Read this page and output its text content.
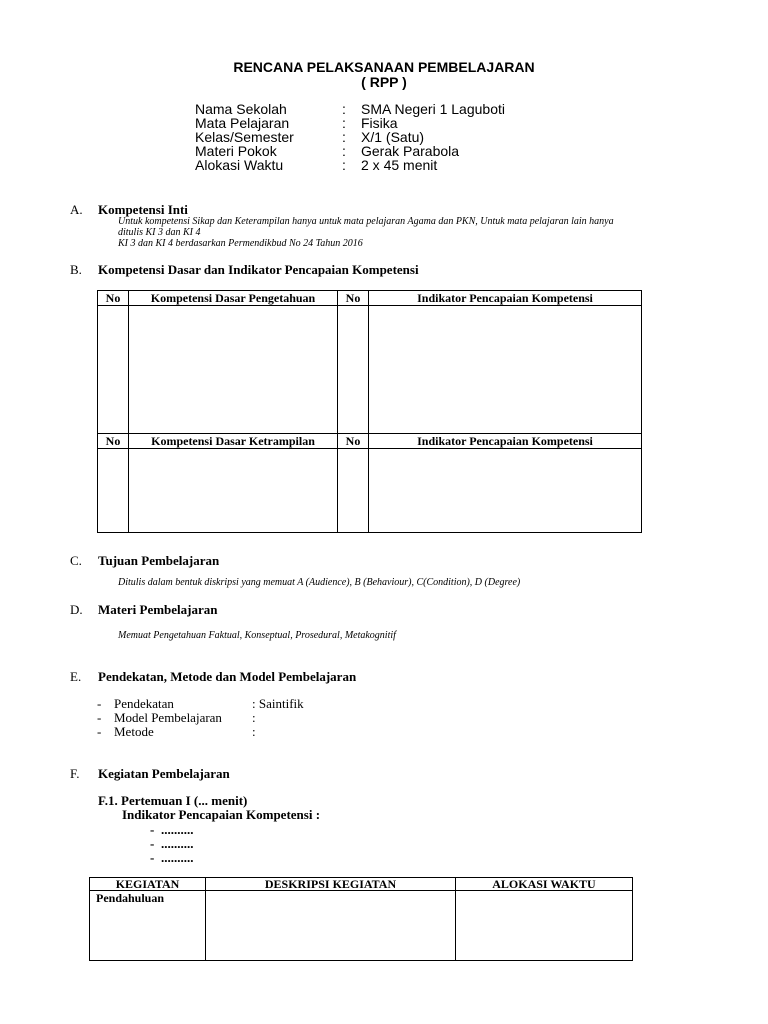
RENCANA PELAKSANAAN PEMBELAJARAN
( RPP )
Nama Sekolah	: SMA Negeri 1 Laguboti
Mata Pelajaran	: Fisika
Kelas/Semester	: X/1 (Satu)
Materi Pokok	: Gerak Parabola
Alokasi Waktu	: 2 x 45 menit
A. Kompetensi Inti
Untuk kompetensi Sikap dan Keterampilan hanya untuk mata pelajaran Agama dan PKN, Untuk mata pelajaran lain hanya
ditulis KI 3 dan KI 4
KI 3 dan KI 4 berdasarkan Permendikbud No 24 Tahun 2016
B. Kompetensi Dasar dan Indikator Pencapaian Kompetensi
No	Kompetensi Dasar Pengetahuan	No	Indikator Pencapaian Kompetensi

No	Kompetensi Dasar Ketrampilan	No	Indikator Pencapaian Kompetensi

C. Tujuan Pembelajaran
Ditulis dalam bentuk diskripsi yang memuat A (Audience), B (Behaviour), C(Condition), D (Degree)
D. Materi Pembelajaran
Memuat Pengetahuan Faktual, Konseptual, Prosedural, Metakognitif
E. Pendekatan, Metode dan Model Pembelajaran
- Pendekatan	: Saintifik
- Model Pembelajaran :
- Metode	:
F. Kegiatan Pembelajaran
F.1. Pertemuan I (... menit)
Indikator Pencapaian Kompetensi :
- ..........
- ..........
- ..........
KEGIATAN	DESKRIPSI KEGIATAN	ALOKASI WAKTU
Pendahuluan		
